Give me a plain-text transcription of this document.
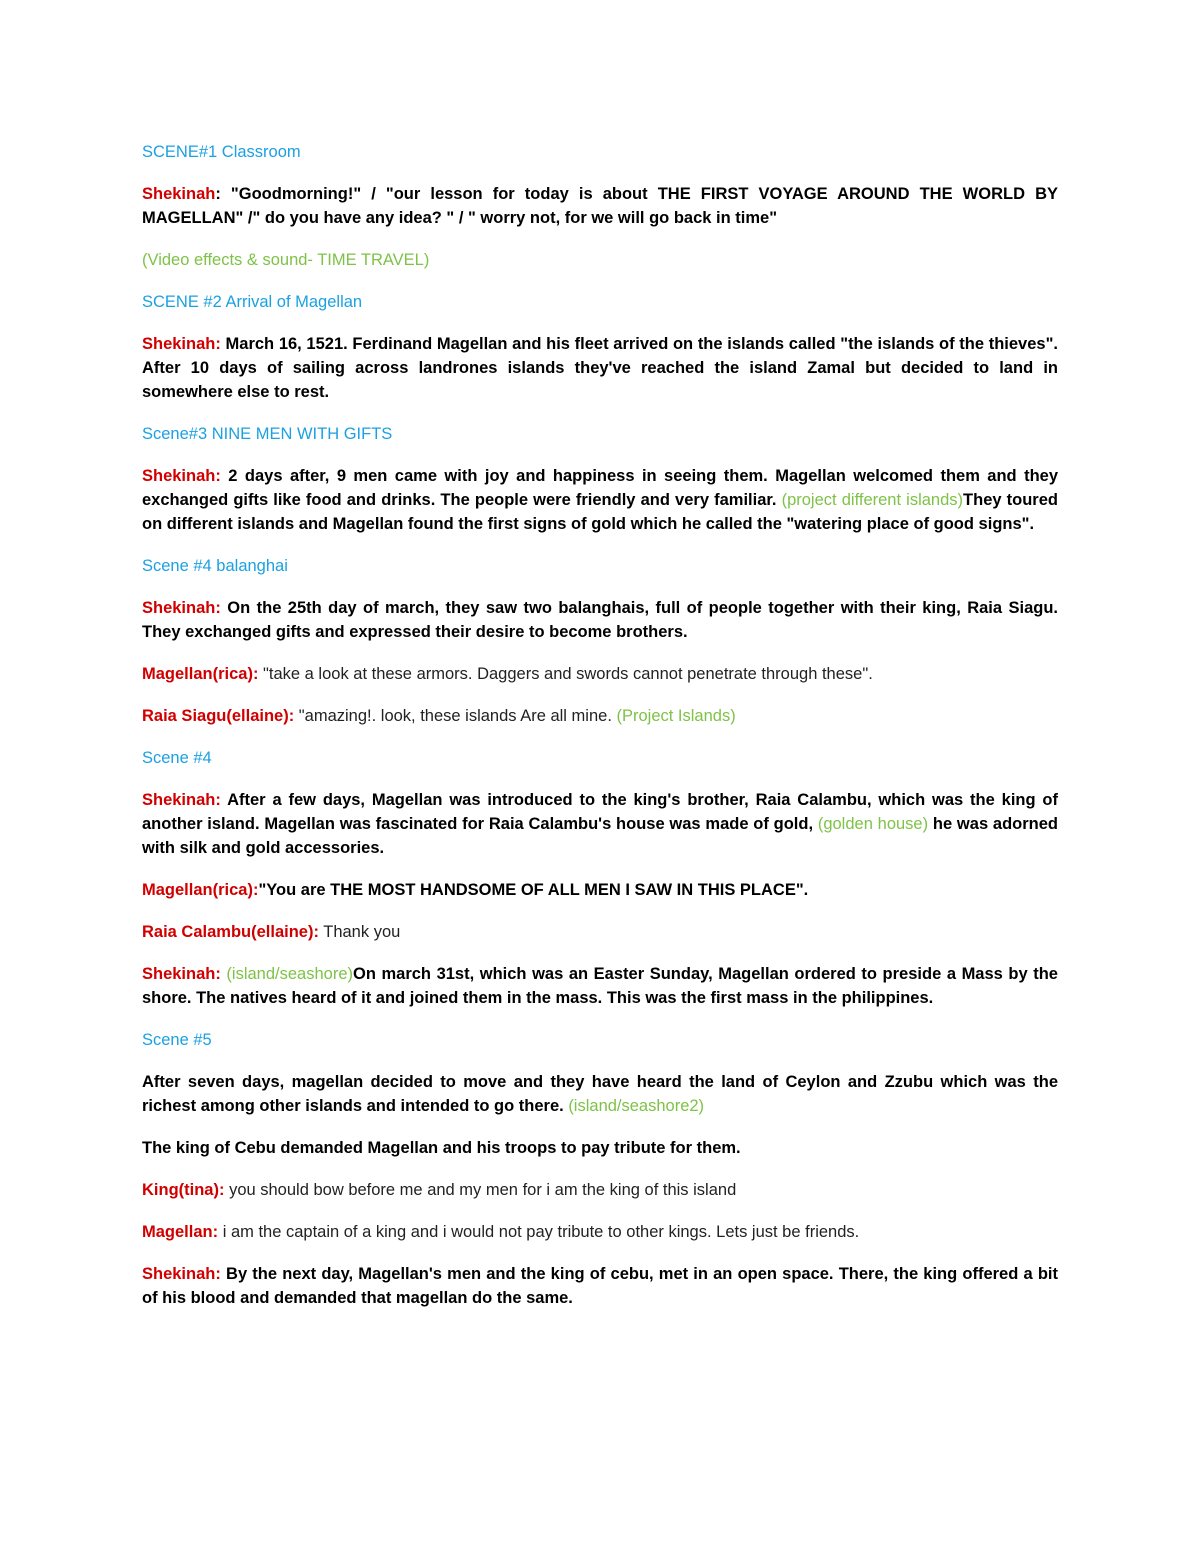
SCENE#1 Classroom

Shekinah: "Goodmorning!" / "our lesson for today is about THE FIRST VOYAGE AROUND THE WORLD BY MAGELLAN" /" do you have any idea? " / " worry not, for we will go back in time"

(Video effects & sound- TIME TRAVEL)

SCENE #2 Arrival of Magellan

Shekinah: March 16, 1521. Ferdinand Magellan and his fleet arrived on the islands called "the islands of the thieves". After 10 days of sailing across landrones islands they've reached the island Zamal but decided to land in somewhere else to rest.

Scene#3 NINE MEN WITH GIFTS

Shekinah: 2 days after, 9 men came with joy and happiness in seeing them. Magellan welcomed them and they exchanged gifts like food and drinks. The people were friendly and very familiar. (project different islands)They toured on different islands and Magellan found the first signs of gold which he called the "watering place of good signs".

Scene #4 balanghai

Shekinah: On the 25th day of march, they saw two balanghais, full of people together with their king, Raia Siagu. They exchanged gifts and expressed their desire to become brothers.

Magellan(rica): "take a look at these armors. Daggers and swords cannot penetrate through these".

Raia Siagu(ellaine): "amazing!. look, these islands Are all mine. (Project Islands)

Scene #4

Shekinah: After a few days, Magellan was introduced to the king's brother, Raia Calambu, which was the king of another island. Magellan was fascinated for Raia Calambu's house was made of gold, (golden house) he was adorned with silk and gold accessories.

Magellan(rica):"You are THE MOST HANDSOME OF ALL MEN I SAW IN THIS PLACE".

Raia Calambu(ellaine): Thank you

Shekinah: (island/seashore)On march 31st, which was an Easter Sunday, Magellan ordered to preside a Mass by the shore. The natives heard of it and joined them in the mass. This was the first mass in the philippines.

Scene #5

After seven days, magellan decided to move and they have heard the land of Ceylon and Zzubu which was the richest among other islands and intended to go there. (island/seashore2)

The king of Cebu demanded Magellan and his troops to pay tribute for them.

King(tina): you should bow before me and my men for i am the king of this island

Magellan: i am the captain of a king and i would not pay tribute to other kings. Lets just be friends.

Shekinah: By the next day, Magellan's men and the king of cebu, met in an open space. There, the king offered a bit of his blood and demanded that magellan do the same.
